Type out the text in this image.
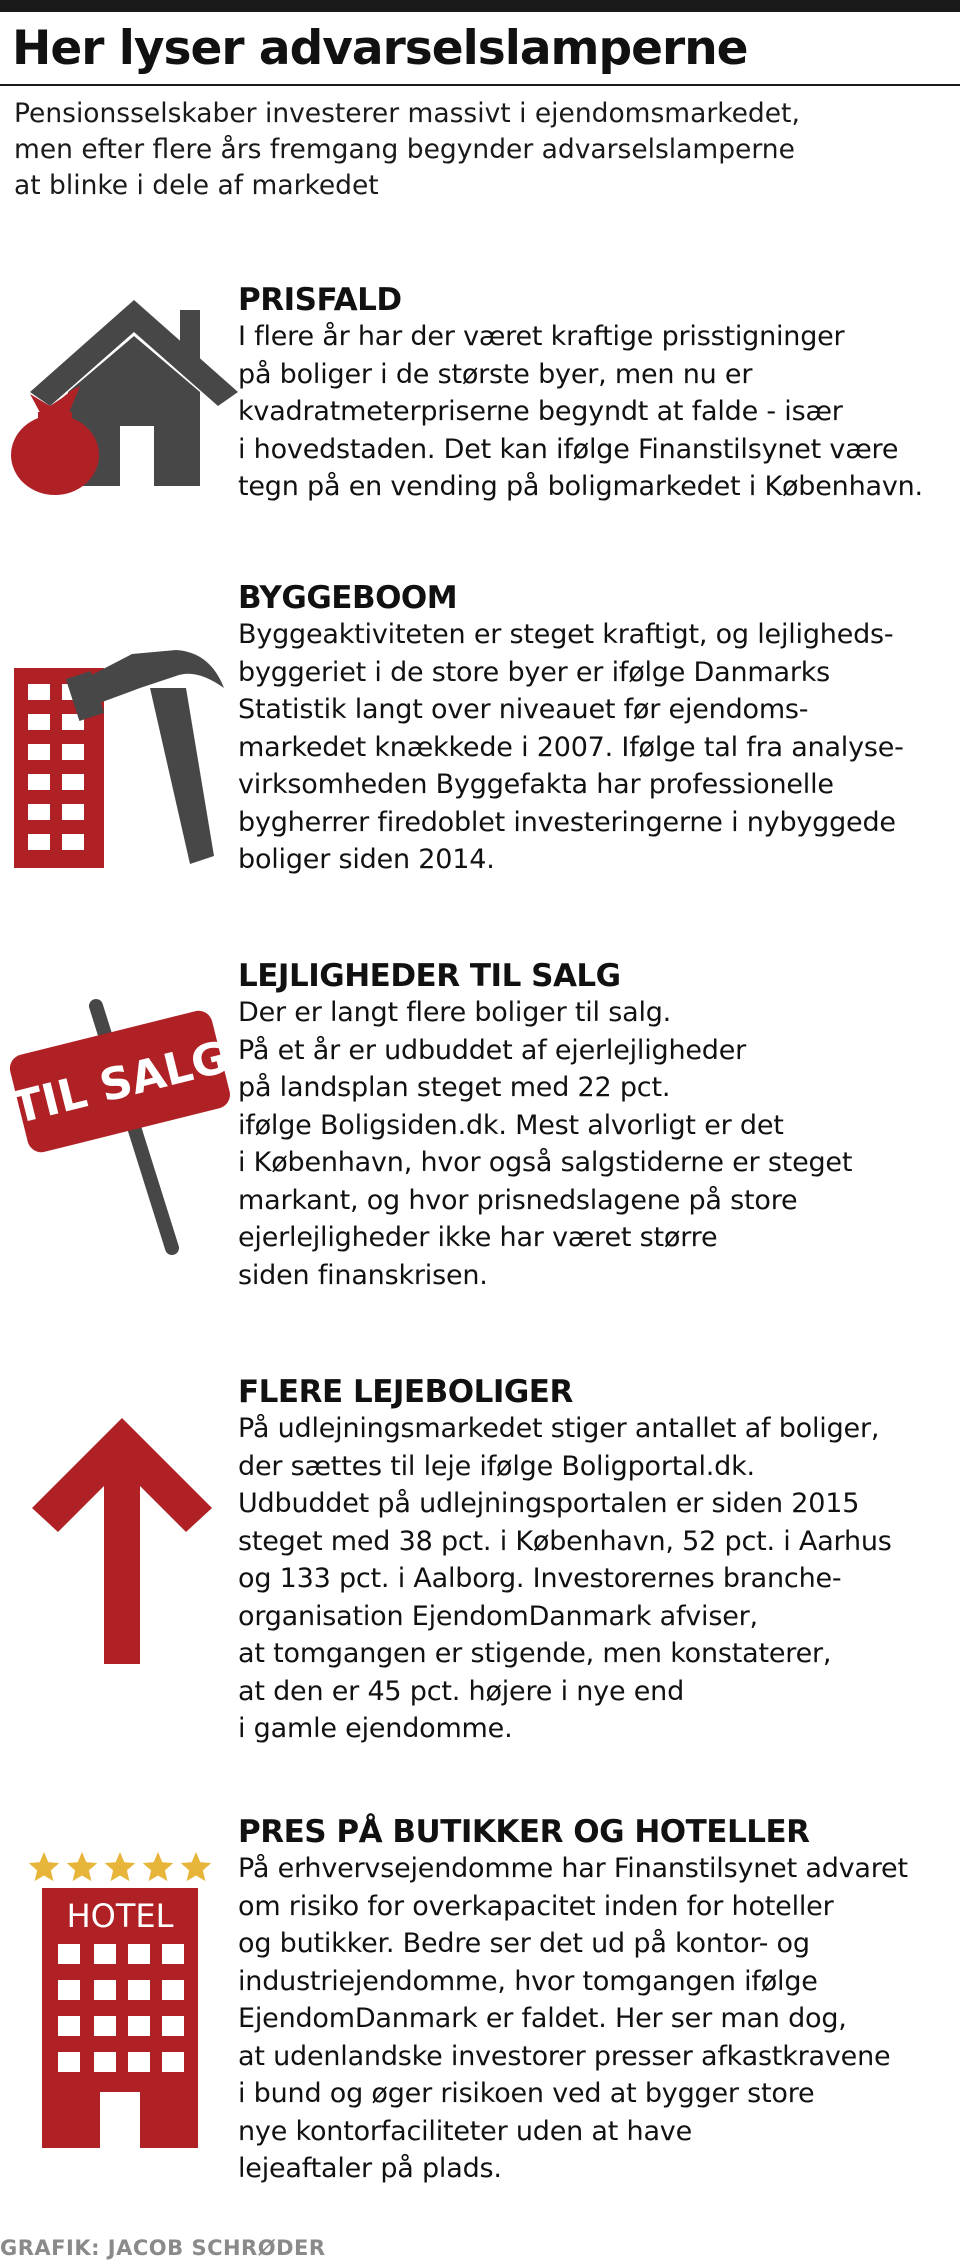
Her lyser advarselslamperne

Pensionsselskaber investerer massivt i ejendomsmarkedet,
men efter flere års fremgang begynder advarselslamperne
at blinke i dele af markedet

PRISFALD

I flere år har der været kraftige prisstigninger
på boliger i de største byer, men nu er
kvadratmeterpriserne begyndt at falde - især
i hovedstaden. Det kan ifølge Finanstilsynet være
tegn på en vending på boligmarkedet i København.

BYGGEBOOM

Byggeaktiviteten er steget kraftigt, og lejligheds-
byggeriet i de store byer er ifølge Danmarks
Statistik langt over niveauet før ejendoms-
markedet knækkede i 2007. Ifølge tal fra analyse-
virksomheden Byggefakta har professionelle
bygherrer firedoblet investeringerne i nybyggede
boliger siden 2014.

TIL SALG
LEJLIGHEDER TIL SALG

Der er langt flere boliger til salg.
På et år er udbuddet af ejerlejligheder
på landsplan steget med 22 pct.
ifølge Boligsiden.dk. Mest alvorligt er det
i København, hvor også salgstiderne er steget
markant, og hvor prisnedslagene på store
ejerlejligheder ikke har været større
siden finanskrisen.

FLERE LEJEBOLIGER

På udlejningsmarkedet stiger antallet af boliger,
der sættes til leje ifølge Boligportal.dk.
Udbuddet på udlejningsportalen er siden 2015
steget med 38 pct. i København, 52 pct. i Aarhus
og 133 pct. i Aalborg. Investorernes branche-
organisation EjendomDanmark afviser,
at tomgangen er stigende, men konstaterer,
at den er 45 pct. højere i nye end
i gamle ejendomme.

HOTEL
PRES PÅ BUTIKKER OG HOTELLER

På erhvervsejendomme har Finanstilsynet advaret
om risiko for overkapacitet inden for hoteller
og butikker. Bedre ser det ud på kontor- og
industriejendomme, hvor tomgangen ifølge
EjendomDanmark er faldet. Her ser man dog,
at udenlandske investorer presser afkastkravene
i bund og øger risikoen ved at bygger store
nye kontorfaciliteter uden at have
lejeaftaler på plads.

GRAFIK: JACOB SCHRØDER
